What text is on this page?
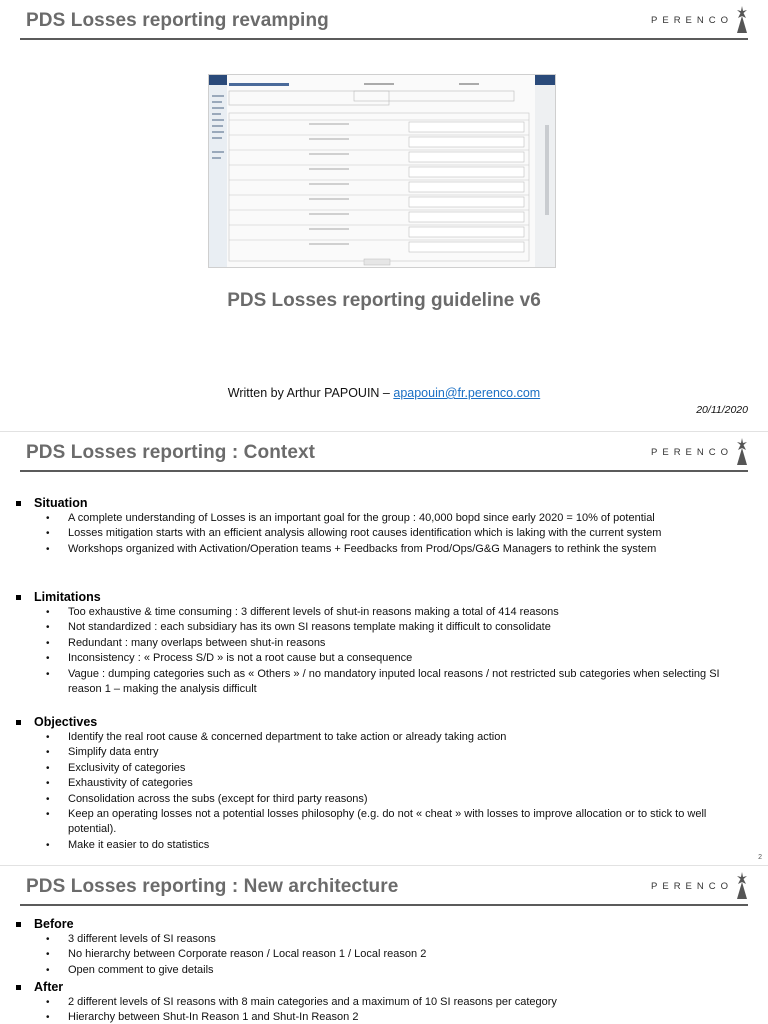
PDS Losses reporting revamping	PERENCO
PDS Losses reporting guideline v6
Written by Arthur PAPOUIN – apapouin@fr.perenco.com
20/11/2020
PDS Losses reporting : Context	PERENCO
Situation
• A complete understanding of Losses is an important goal for the group : 40,000 bopd since early 2020 = 10% of potential
• Losses mitigation starts with an efficient analysis allowing root causes identification which is laking with the current system
• Workshops organized with Activation/Operation teams + Feedbacks from Prod/Ops/G&G Managers to rethink the system
Limitations
• Too exhaustive & time consuming : 3 different levels of shut-in reasons making a total of 414 reasons
• Not standardized : each subsidiary has its own SI reasons template making it difficult to consolidate
• Redundant : many overlaps between shut-in reasons
• Inconsistency : « Process S/D » is not a root cause but a consequence
• Vague : dumping categories such as « Others » / no mandatory inputed local reasons / not restricted sub categories when selecting SI reason 1 – making the analysis difficult
Objectives
• Identify the real root cause & concerned department to take action or already taking action
• Simplify data entry
• Exclusivity of categories
• Exhaustivity of categories
• Consolidation across the subs (except for third party reasons)
• Keep an operating losses not a potential losses philosophy (e.g. do not « cheat » with losses to improve allocation or to stick to well potential).
• Make it easier to do statistics
2
PDS Losses reporting : New architecture	PERENCO
Before
• 3 different levels of SI reasons
• No hierarchy between Corporate reason / Local reason 1 / Local reason 2
• Open comment to give details
After
• 2 different levels of SI reasons with 8 main categories and a maximum of 10 SI reasons per category
• Hierarchy between Shut-In Reason 1 and Shut-In Reason 2
